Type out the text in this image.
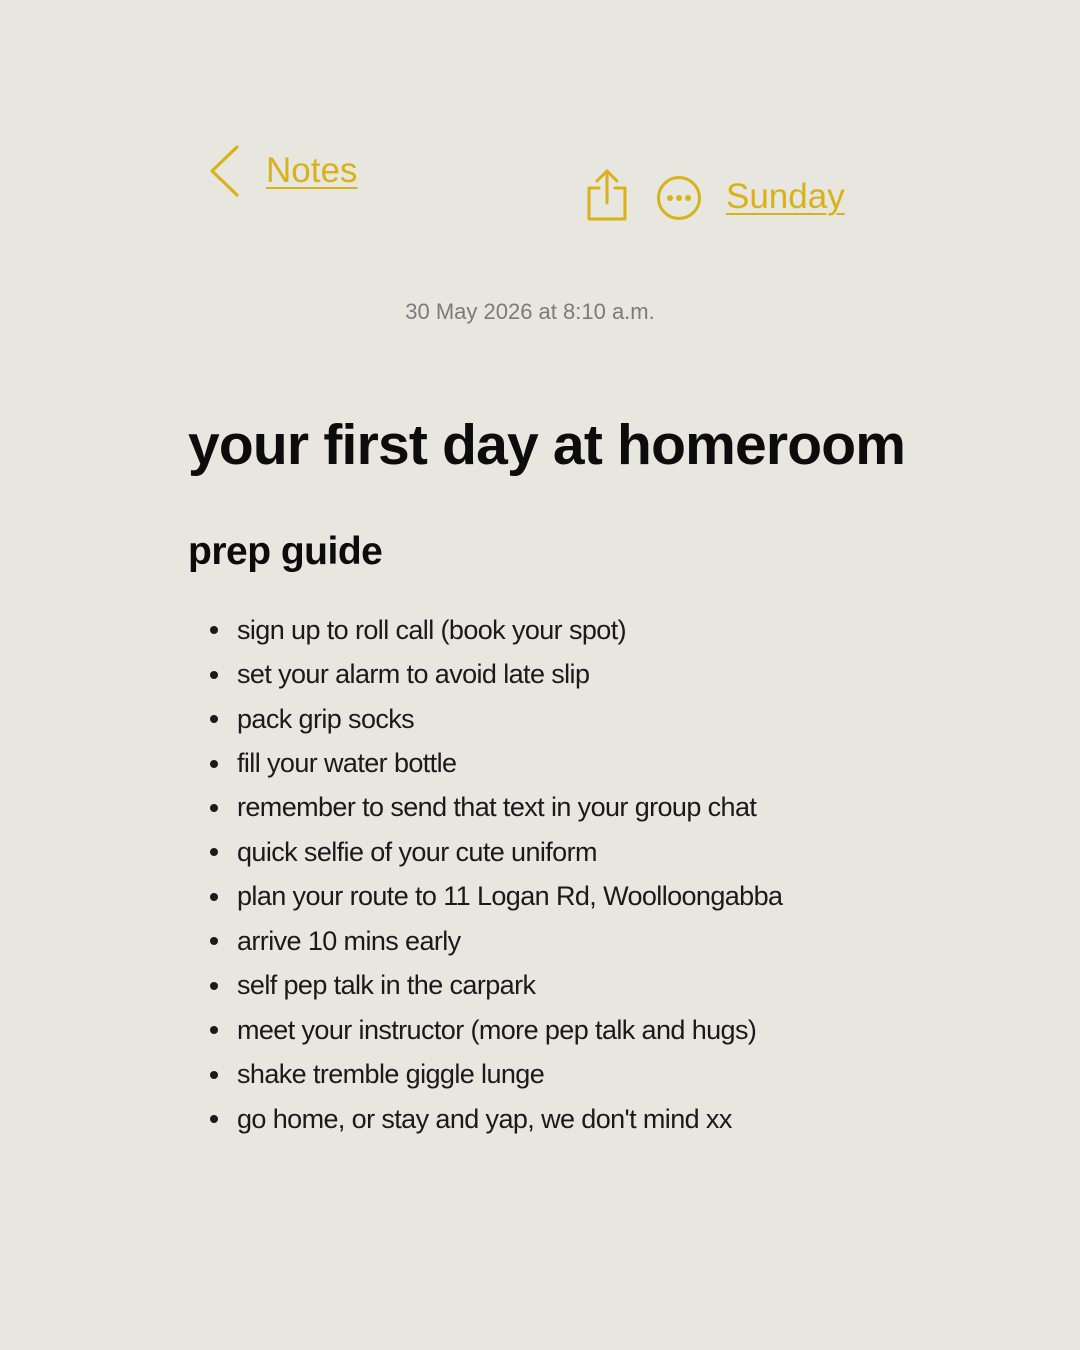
Notes
Sunday
30 May 2026 at 8:10 a.m.
your first day at homeroom
prep guide
sign up to roll call (book your spot)
set your alarm to avoid late slip
pack grip socks
fill your water bottle
remember to send that text in your group chat
quick selfie of your cute uniform
plan your route to 11 Logan Rd, Woolloongabba
arrive 10 mins early
self pep talk in the carpark
meet your instructor (more pep talk and hugs)
shake tremble giggle lunge
go home, or stay and yap, we don't mind xx
